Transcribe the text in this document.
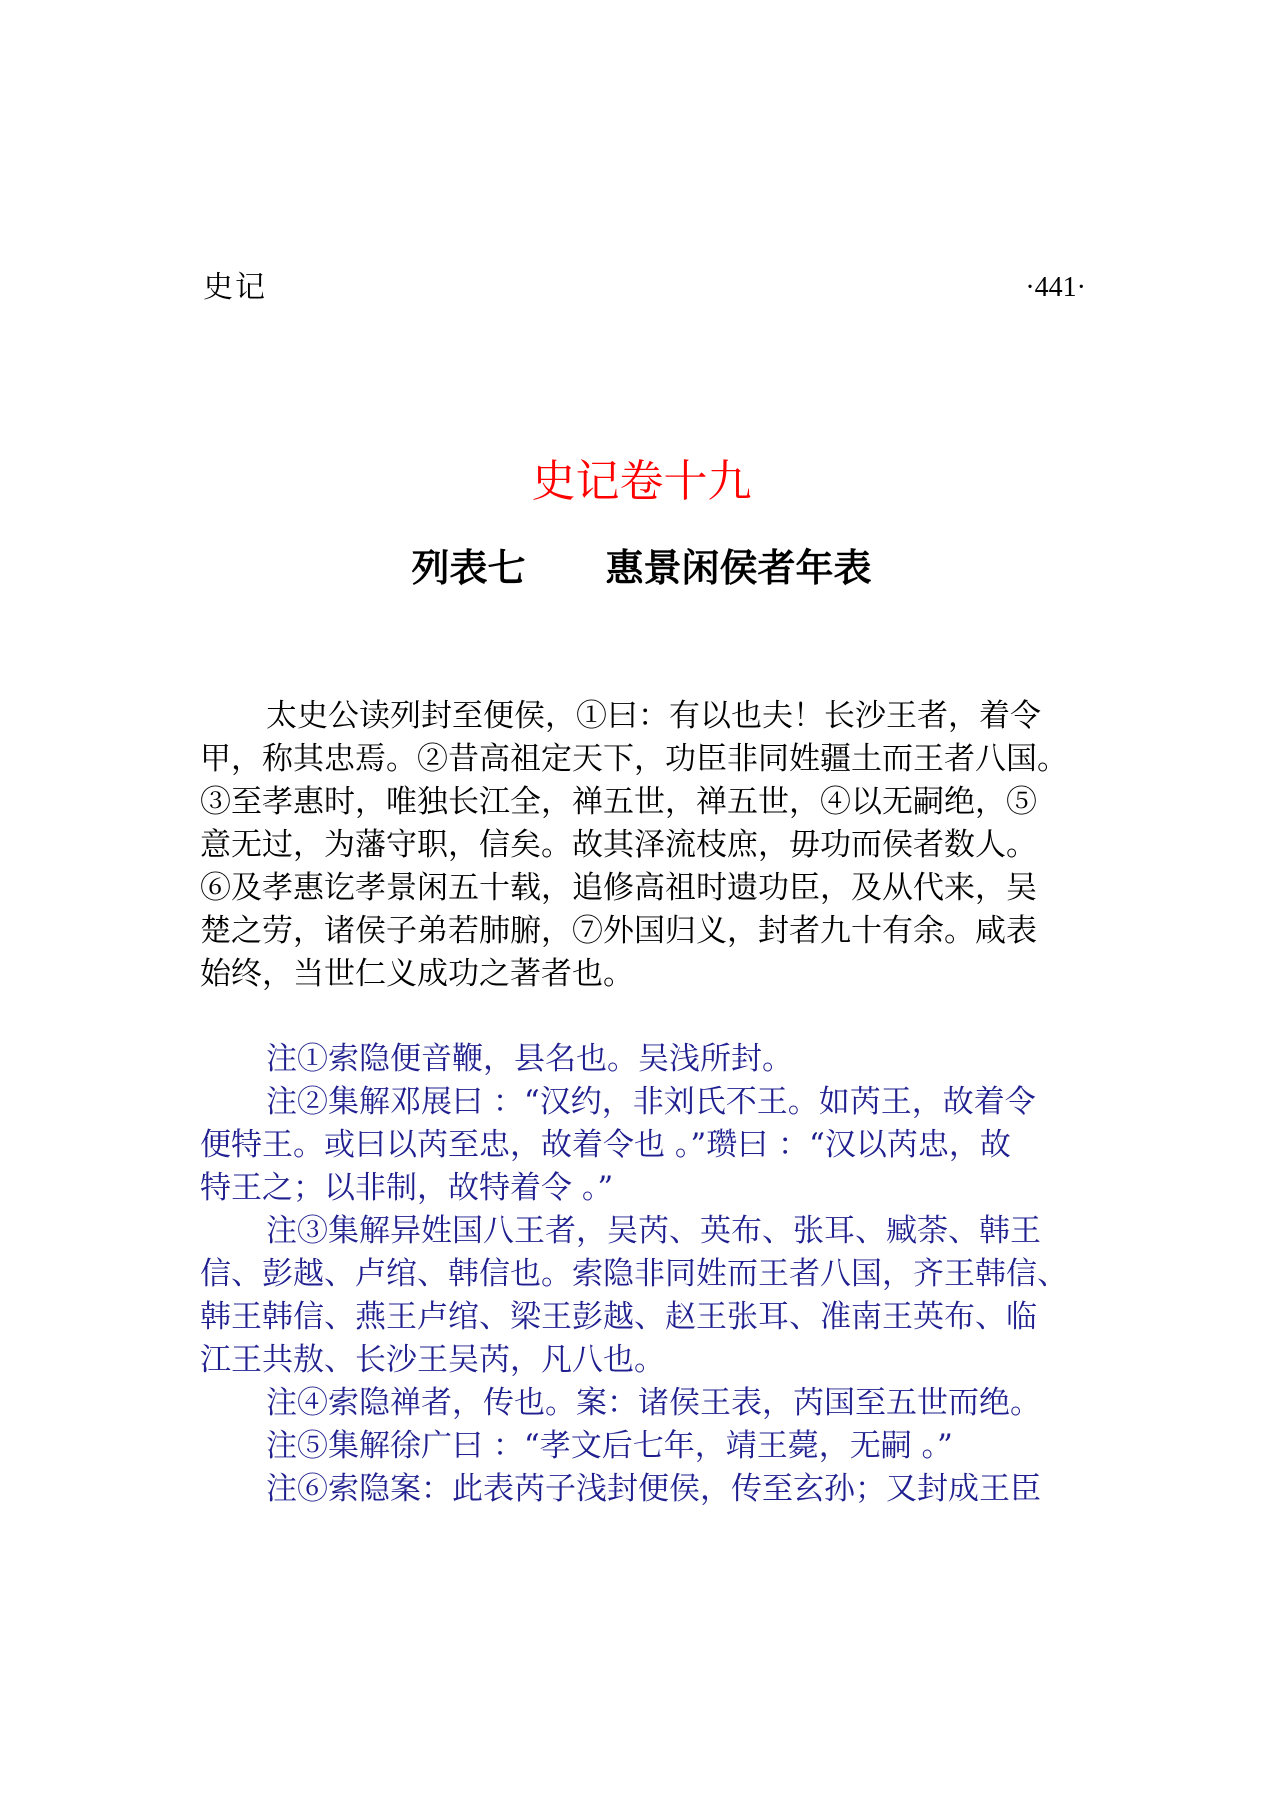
史记	·441·
史记卷十九
列表七 惠景闲侯者年表
太史公读列封至便侯，①曰：有以也夫！长沙王者，着令
甲，称其忠焉。②昔高祖定天下，功臣非同姓疆土而王者八国。
③至孝惠时，唯独长江全，禅五世，禅五世，④以无嗣绝，⑤
意无过，为藩守职，信矣。故其泽流枝庶，毋功而侯者数人。
⑥及孝惠讫孝景闲五十载，追修高祖时遗功臣，及从代来，吴
楚之劳，诸侯子弟若肺腑，⑦外国归义，封者九十有余。咸表
始终，当世仁义成功之著者也。
注①索隐便音鞭，县名也。吴浅所封。
注②集解邓展曰 ：“汉约，非刘氏不王。如芮王，故着令
便特王。或曰以芮至忠，故着令也 。”瓒曰 ：“汉以芮忠，故
特王之；以非制，故特着令 。”
注③集解异姓国八王者，吴芮、英布、张耳、臧荼、韩王
信、彭越、卢绾、韩信也。索隐非同姓而王者八国，齐王韩信、
韩王韩信、燕王卢绾、梁王彭越、赵王张耳、准南王英布、临
江王共敖、长沙王吴芮，凡八也。
注④索隐禅者，传也。案：诸侯王表，芮国至五世而绝。
注⑤集解徐广曰 ：“孝文后七年，靖王薨，无嗣 。”
注⑥索隐案：此表芮子浅封便侯，传至玄孙；又封成王臣
